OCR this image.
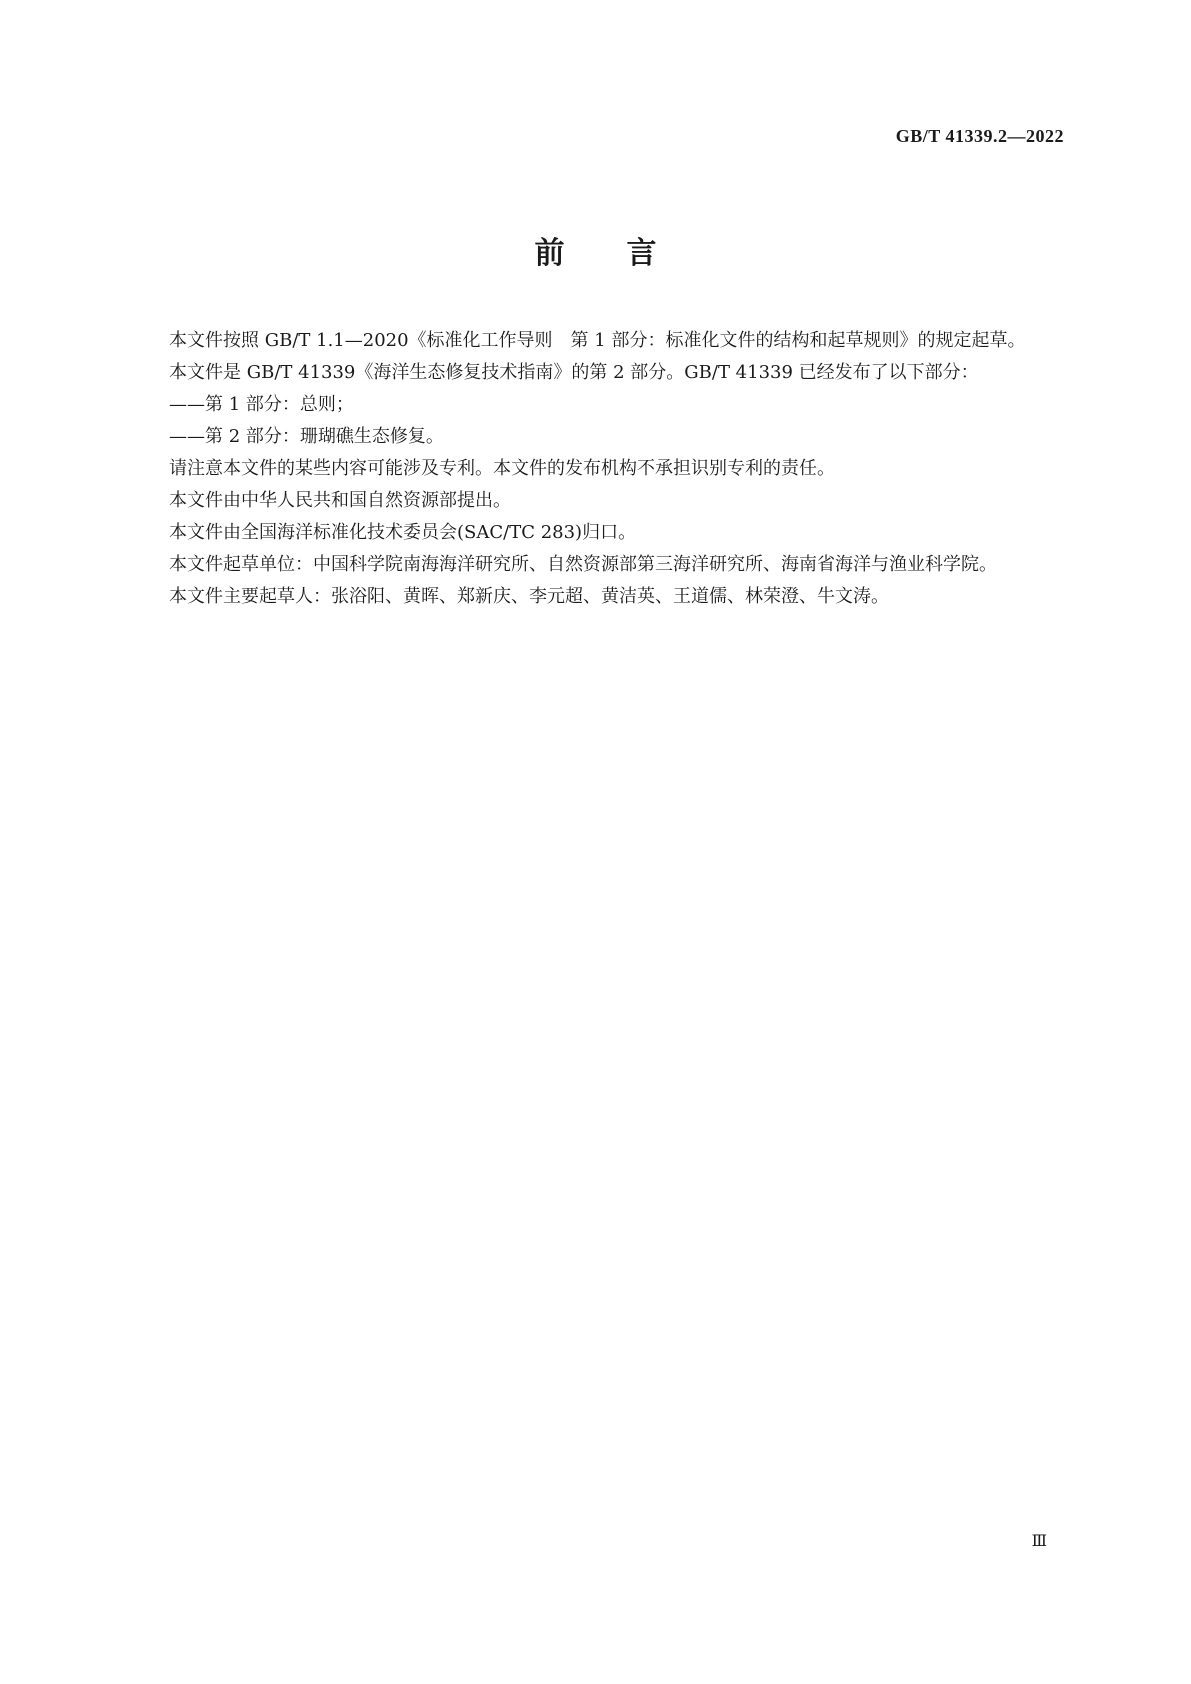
GB/T 41339.2—2022
前言

本文件按照 GB/T 1.1—2020《标准化工作导则　第 1 部分：标准化文件的结构和起草规则》的规定起草。

本文件是 GB/T 41339《海洋生态修复技术指南》的第 2 部分。GB/T 41339 已经发布了以下部分：

——第 1 部分：总则；

——第 2 部分：珊瑚礁生态修复。

请注意本文件的某些内容可能涉及专利。本文件的发布机构不承担识别专利的责任。

本文件由中华人民共和国自然资源部提出。

本文件由全国海洋标准化技术委员会(SAC/TC 283)归口。

本文件起草单位：中国科学院南海海洋研究所、自然资源部第三海洋研究所、海南省海洋与渔业科学院。

本文件主要起草人：张浴阳、黄晖、郑新庆、李元超、黄洁英、王道儒、林荣澄、牛文涛。

Ⅲ
